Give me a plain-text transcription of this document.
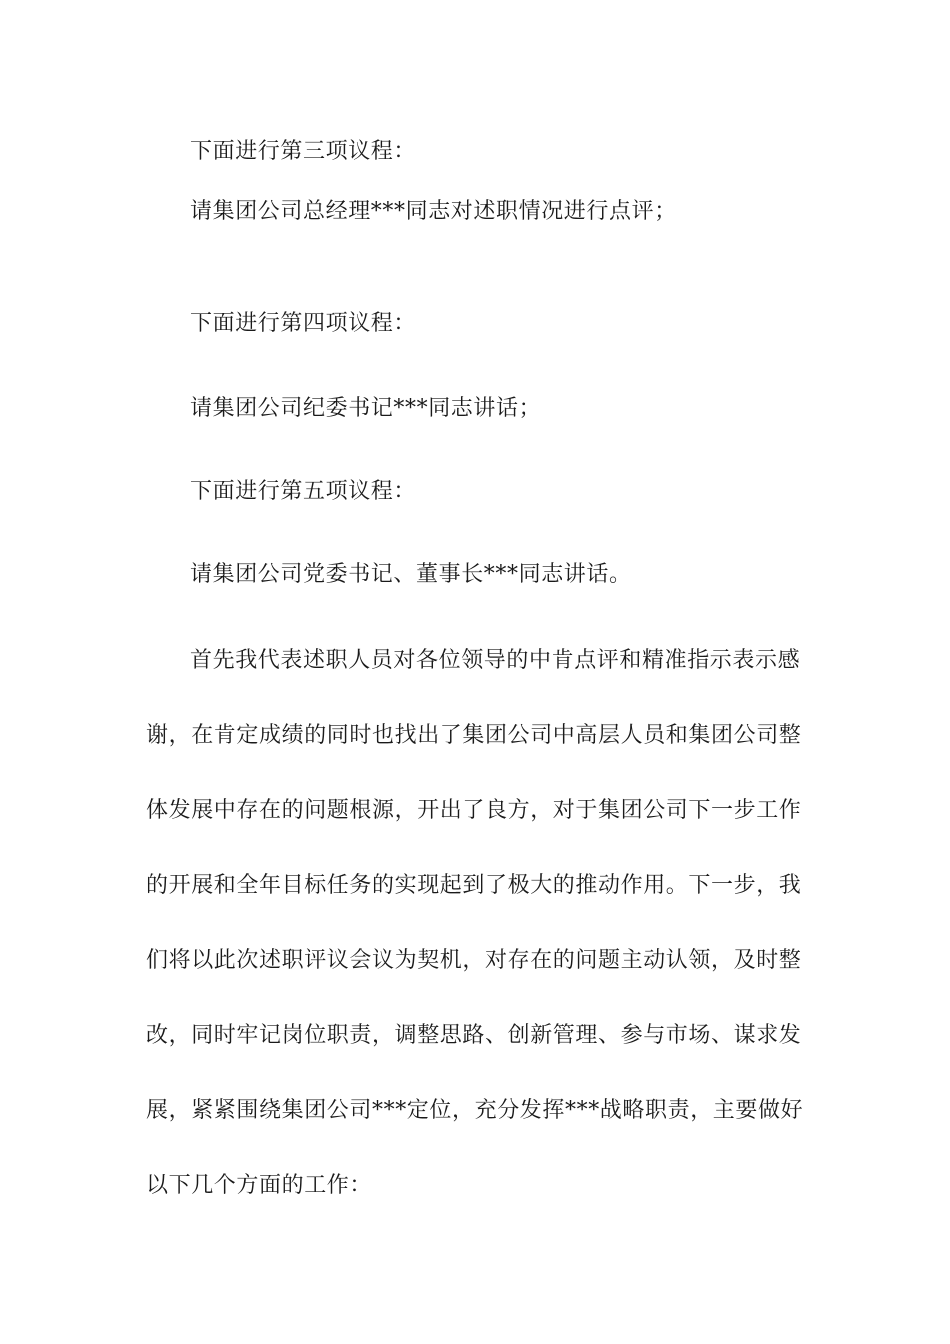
下面进行第三项议程：
请集团公司总经理***同志对述职情况进行点评；
下面进行第四项议程：
请集团公司纪委书记***同志讲话；
下面进行第五项议程：
请集团公司党委书记、董事长***同志讲话。
首先我代表述职人员对各位领导的中肯点评和精准指示表示感
谢，在肯定成绩的同时也找出了集团公司中高层人员和集团公司整
体发展中存在的问题根源，开出了良方，对于集团公司下一步工作
的开展和全年目标任务的实现起到了极大的推动作用。下一步，我
们将以此次述职评议会议为契机，对存在的问题主动认领，及时整
改，同时牢记岗位职责，调整思路、创新管理、参与市场、谋求发
展，紧紧围绕集团公司***定位，充分发挥***战略职责，主要做好
以下几个方面的工作：
